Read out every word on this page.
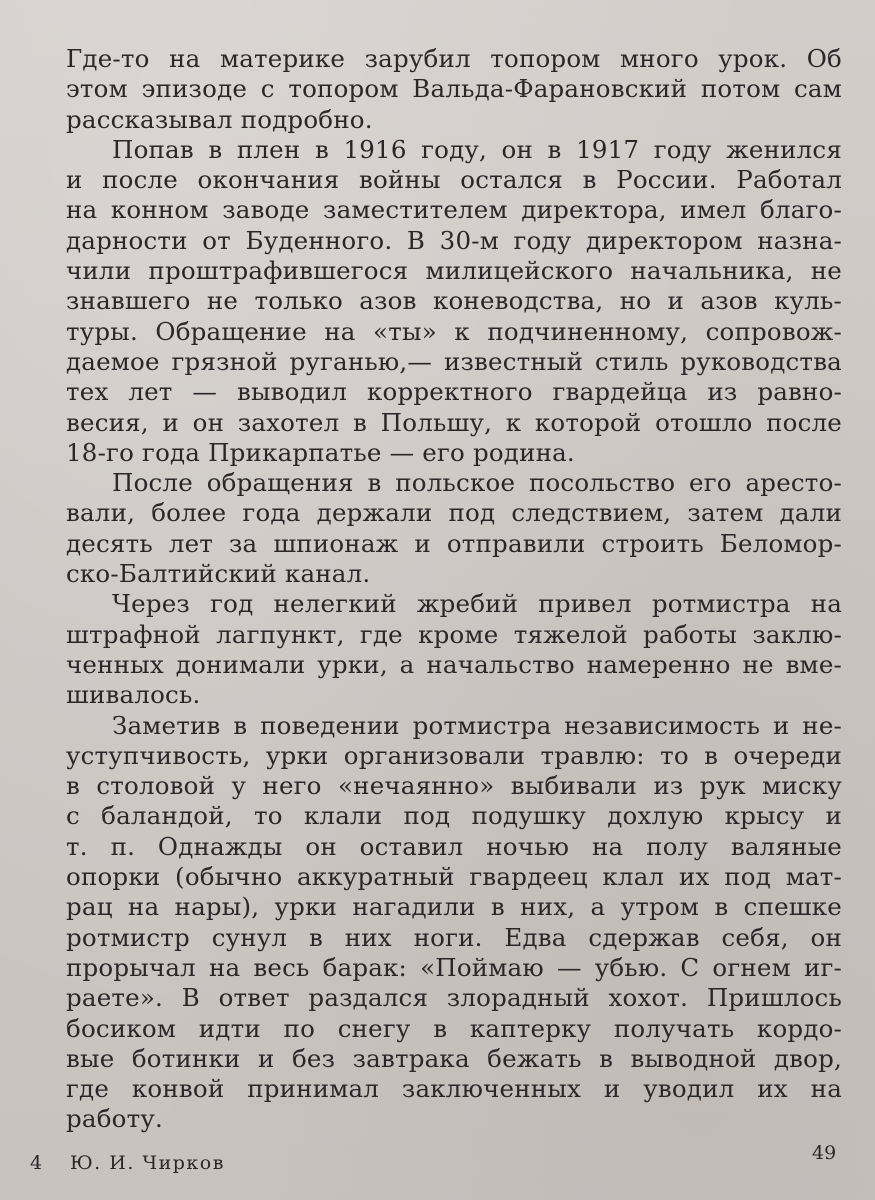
Где-то на материке зарубил топором много урок. Об
этом эпизоде с топором Вальда-Фарановский потом сам
рассказывал подробно.
Попав в плен в 1916 году, он в 1917 году женился
и после окончания войны остался в России. Работал
на конном заводе заместителем директора, имел благо-
дарности от Буденного. В 30-м году директором назна-
чили проштрафившегося милицейского начальника, не
знавшего не только азов коневодства, но и азов куль-
туры. Обращение на «ты» к подчиненному, сопровож-
даемое грязной руганью,— известный стиль руководства
тех лет — выводил корректного гвардейца из равно-
весия, и он захотел в Польшу, к которой отошло после
18-го года Прикарпатье — его родина.
После обращения в польское посольство его аресто-
вали, более года держали под следствием, затем дали
десять лет за шпионаж и отправили строить Беломор-
ско-Балтийский канал.
Через год нелегкий жребий привел ротмистра на
штрафной лагпункт, где кроме тяжелой работы заклю-
ченных донимали урки, а начальство намеренно не вме-
шивалось.
Заметив в поведении ротмистра независимость и не-
уступчивость, урки организовали травлю: то в очереди
в столовой у него «нечаянно» выбивали из рук миску
с баландой, то клали под подушку дохлую крысу и
т. п. Однажды он оставил ночью на полу валяные
опорки (обычно аккуратный гвардеец клал их под мат-
рац на нары), урки нагадили в них, а утром в спешке
ротмистр сунул в них ноги. Едва сдержав себя, он
прорычал на весь барак: «Поймаю — убью. С огнем иг-
раете». В ответ раздался злорадный хохот. Пришлось
босиком идти по снегу в каптерку получать кордо-
вые ботинки и без завтрака бежать в выводной двор,
где конвой принимал заключенных и уводил их на
работу.
4 Ю. И. Чирков	49
